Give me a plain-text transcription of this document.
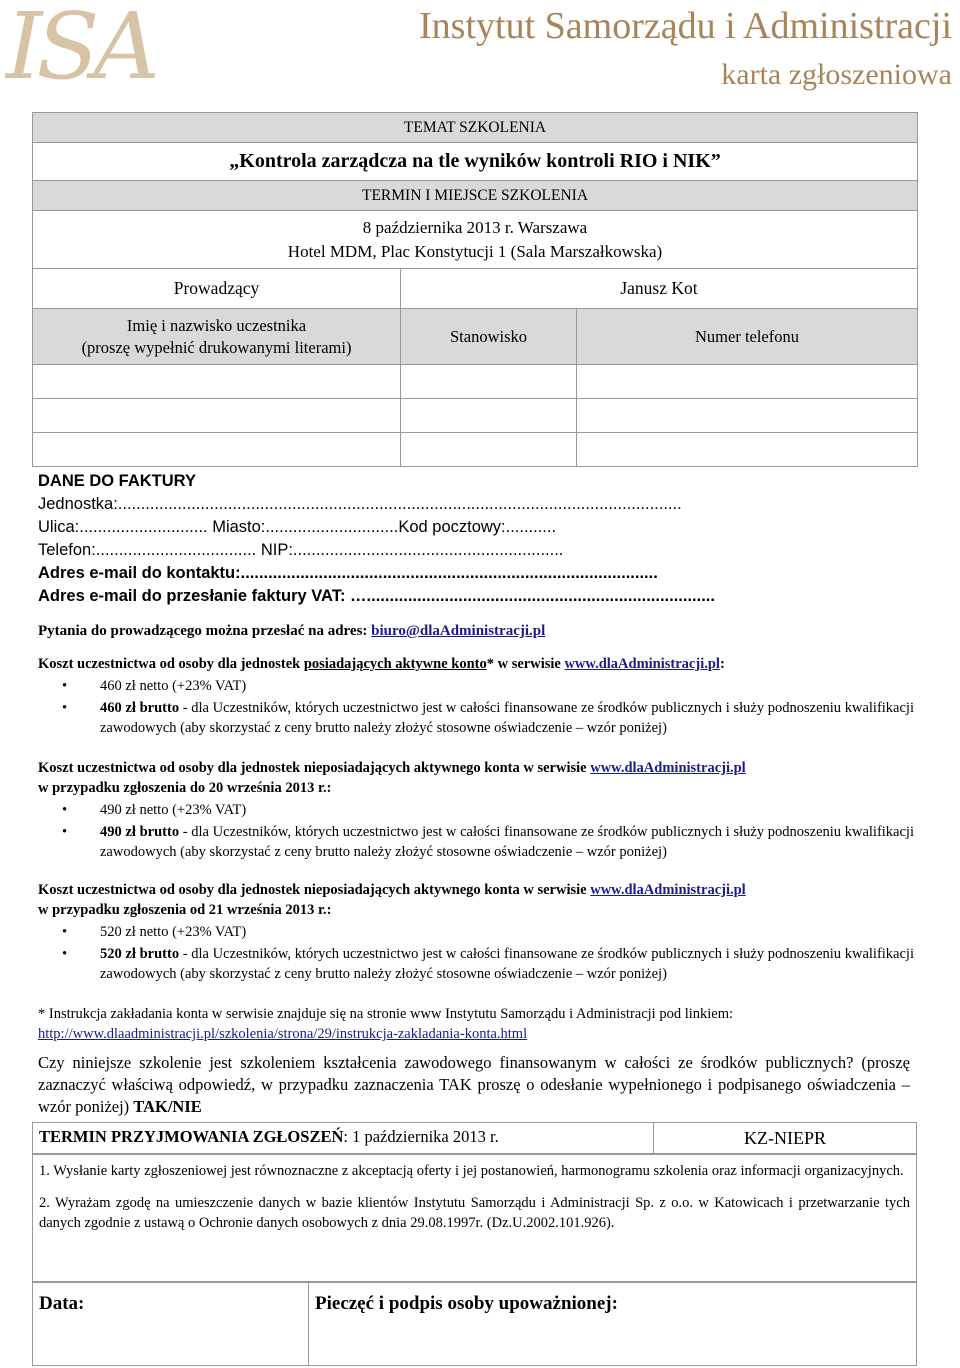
ISA	Instytut Samorządu i Administracji
karta zgłoszeniowa
TEMAT SZKOLENIA		
„Kontrola zarządcza na tle wyników kontroli RIO i NIK”		
TERMIN I MIEJSCE SZKOLENIA		

8 października 2013 r. Warszawa
Hotel MDM, Plac Konstytucji 1 (Sala Marszałkowska)		

Prowadzący	Janusz Kot	

Imię i nazwisko uczestnika
(proszę wypełnić drukowanymi literami)	Stanowisko	Numer telefonu

DANE DO FAKTURY
Jednostka:...........................................................................................................................
Ulica:............................ Miasto:.............................Kod pocztowy:...........
Telefon:................................... NIP:...........................................................
Adres e-mail do kontaktu:...........................................................................................
Adres e-mail do przesłanie faktury VAT: …............................................................................
Pytania do prowadzącego można przesłać na adres: biuro@dlaAdministracji.pl
Koszt uczestnictwa od osoby dla jednostek posiadających aktywne konto* w serwisie www.dlaAdministracji.pl:
• 460 zł netto (+23% VAT)
• 460 zł brutto - dla Uczestników, których uczestnictwo jest w całości finansowane ze środków publicznych i służy podnoszeniu kwalifikacji zawodowych (aby skorzystać z ceny brutto należy złożyć stosowne oświadczenie – wzór poniżej)
Koszt uczestnictwa od osoby dla jednostek nieposiadających aktywnego konta w serwisie www.dlaAdministracji.pl
w przypadku zgłoszenia do 20 września 2013 r.:
• 490 zł netto (+23% VAT)
• 490 zł brutto - dla Uczestników, których uczestnictwo jest w całości finansowane ze środków publicznych i służy podnoszeniu kwalifikacji zawodowych (aby skorzystać z ceny brutto należy złożyć stosowne oświadczenie – wzór poniżej)
Koszt uczestnictwa od osoby dla jednostek nieposiadających aktywnego konta w serwisie www.dlaAdministracji.pl
w przypadku zgłoszenia od 21 września 2013 r.:
• 520 zł netto (+23% VAT)
• 520 zł brutto - dla Uczestników, których uczestnictwo jest w całości finansowane ze środków publicznych i służy podnoszeniu kwalifikacji zawodowych (aby skorzystać z ceny brutto należy złożyć stosowne oświadczenie – wzór poniżej)
* Instrukcja zakładania konta w serwisie znajduje się na stronie www Instytutu Samorządu i Administracji pod linkiem:
http://www.dlaadministracji.pl/szkolenia/strona/29/instrukcja-zakladania-konta.html
Czy niniejsze szkolenie jest szkoleniem kształcenia zawodowego finansowanym w całości ze środków publicznych? (proszę zaznaczyć właściwą odpowiedź, w przypadku zaznaczenia TAK proszę o odesłanie wypełnionego i podpisanego oświadczenia – wzór poniżej) TAK/NIE
TERMIN PRZYJMOWANIA ZGŁOSZEŃ: 1 października 2013 r.	KZ-NIEPR

1. Wysłanie karty zgłoszeniowej jest równoznaczne z akceptacją oferty i jej postanowień, harmonogramu szkolenia oraz informacji organizacyjnych.

2. Wyrażam zgodę na umieszczenie danych w bazie klientów Instytutu Samorządu i Administracji Sp. z o.o. w Katowicach i przetwarzanie tych danych zgodnie z ustawą o Ochronie danych osobowych z dnia 29.08.1997r. (Dz.U.2002.101.926).

Data:	Pieczęć i podpis osoby upoważnionej:
